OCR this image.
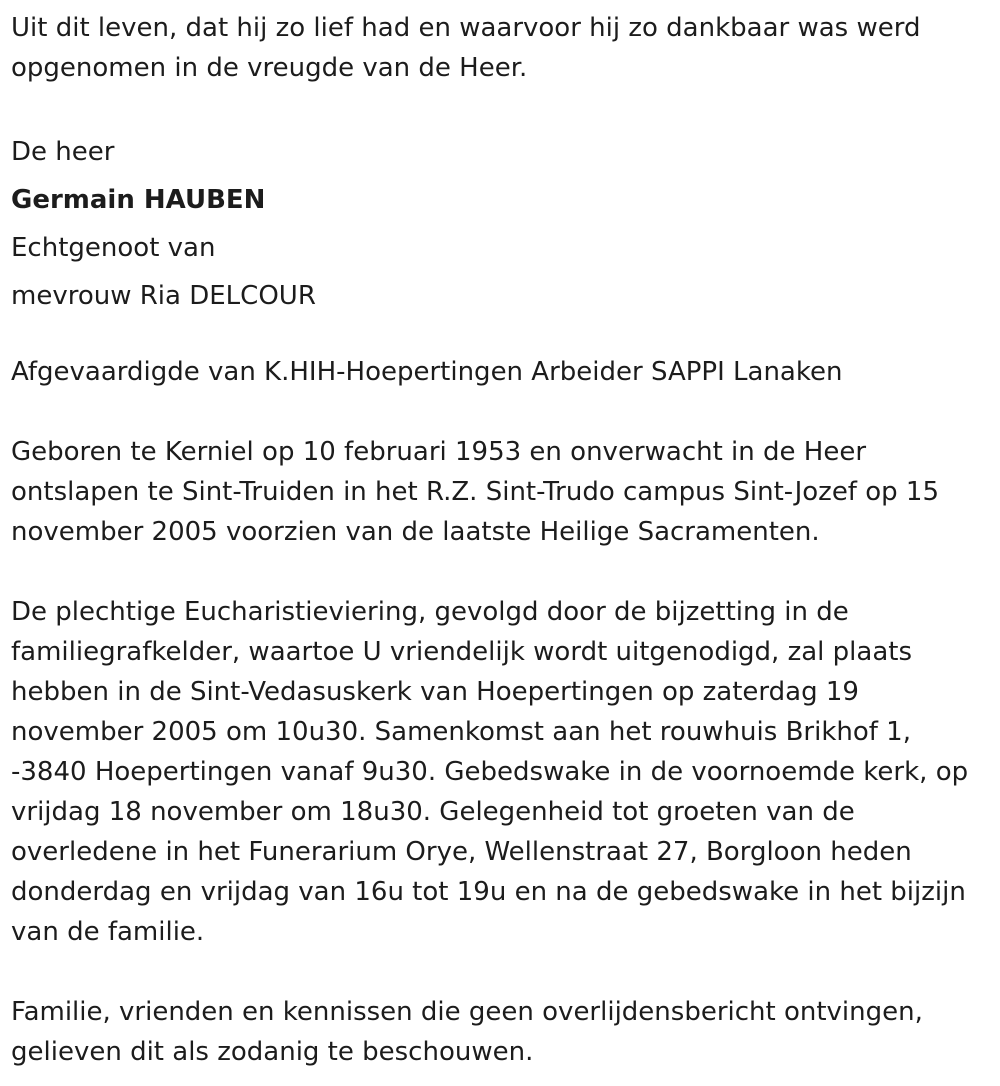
Uit dit leven, dat hij zo lief had en waarvoor hij zo dankbaar was werd
opgenomen in de vreugde van de Heer.

De heer
Germain HAUBEN
Echtgenoot van
mevrouw Ria DELCOUR

Afgevaardigde van K.HIH-Hoepertingen Arbeider SAPPI Lanaken

Geboren te Kerniel op 10 februari 1953 en onverwacht in de Heer
ontslapen te Sint-Truiden in het R.Z. Sint-Trudo campus Sint-Jozef op 15
november 2005 voorzien van de laatste Heilige Sacramenten.

De plechtige Eucharistieviering, gevolgd door de bijzetting in de
familiegrafkelder, waartoe U vriendelijk wordt uitgenodigd, zal plaats
hebben in de Sint-Vedasuskerk van Hoepertingen op zaterdag 19
november 2005 om 10u30. Samenkomst aan het rouwhuis Brikhof 1,
-3840 Hoepertingen vanaf 9u30. Gebedswake in de voornoemde kerk, op
vrijdag 18 november om 18u30. Gelegenheid tot groeten van de
overledene in het Funerarium Orye, Wellenstraat 27, Borgloon heden
donderdag en vrijdag van 16u tot 19u en na de gebedswake in het bijzijn
van de familie.

Familie, vrienden en kennissen die geen overlijdensbericht ontvingen,
gelieven dit als zodanig te beschouwen.
